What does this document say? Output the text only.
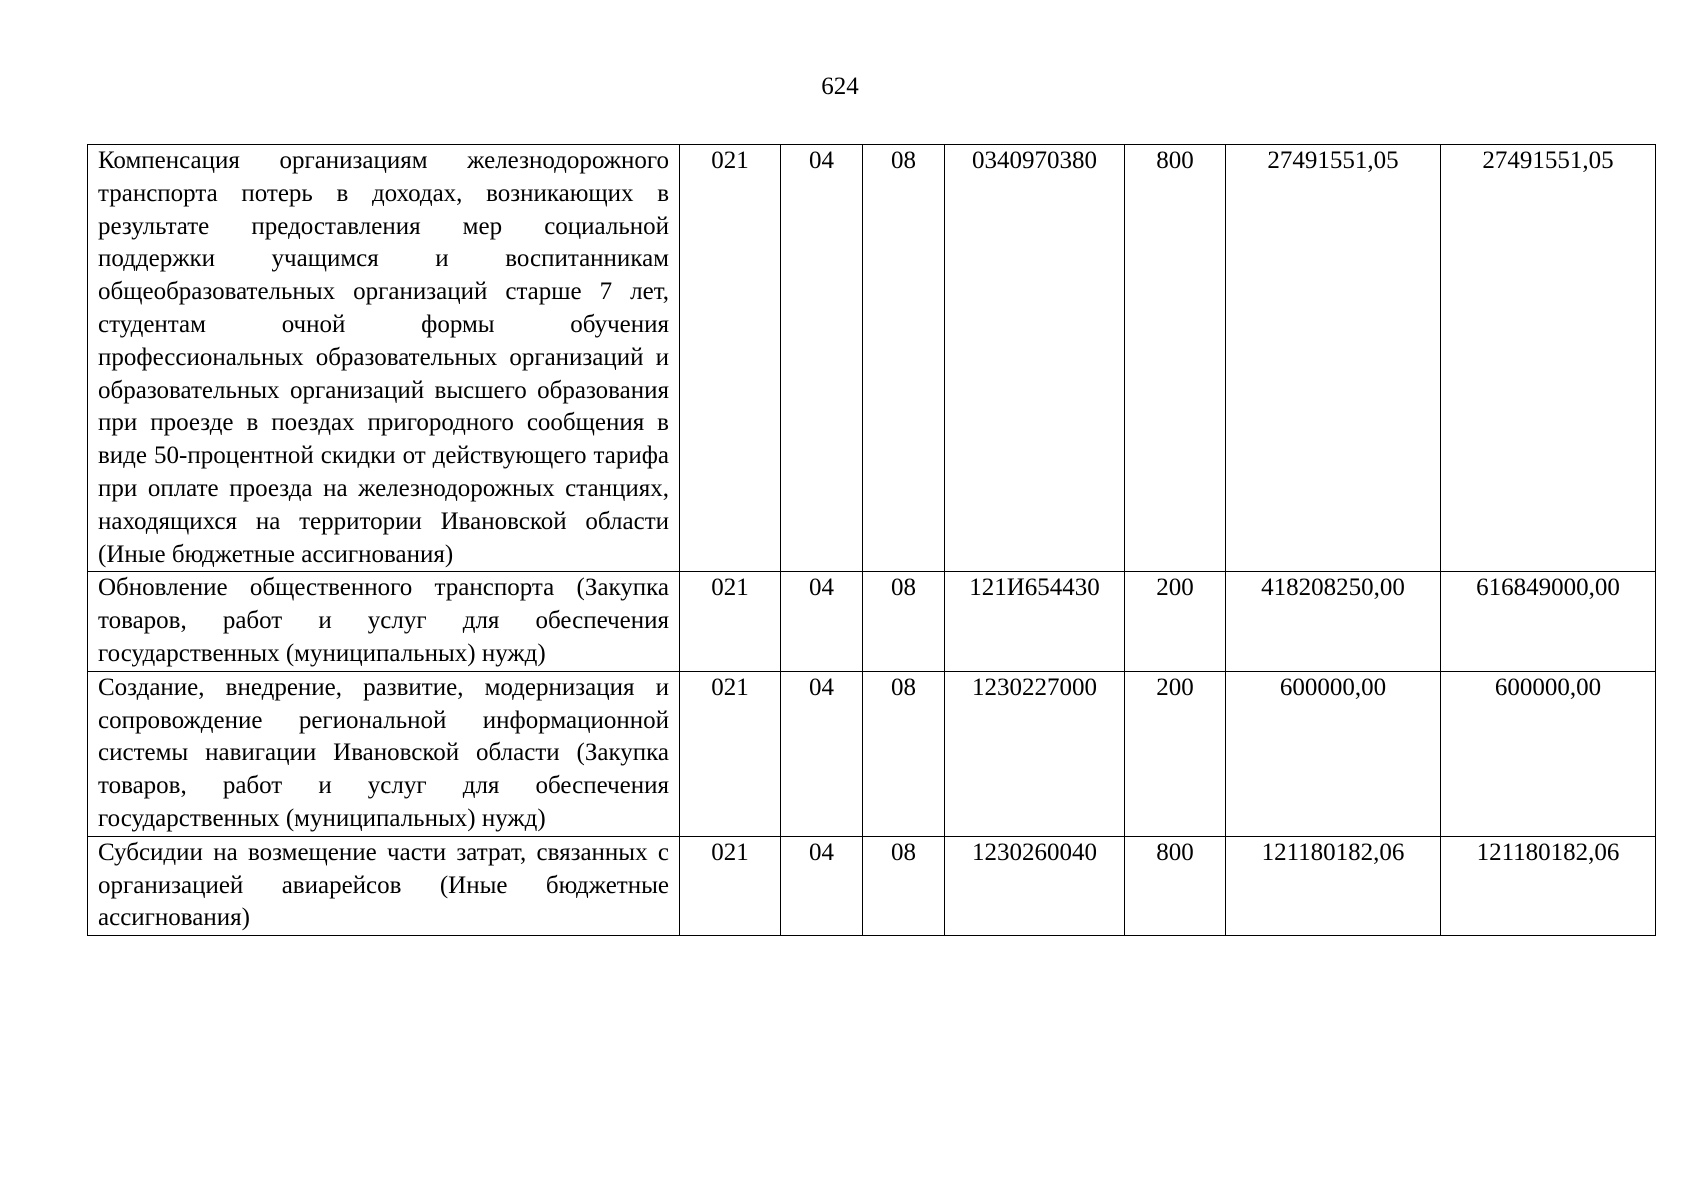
624
Компенсация организациям железнодорожного транспорта потерь в доходах, возникающих в результате предоставления мер социальной поддержки учащимся и воспитанникам общеобразовательных организаций старше 7 лет, студентам очной формы обучения профессиональных образовательных организаций и образовательных организаций высшего образования при проезде в поездах пригородного сообщения в виде 50-процентной скидки от действующего тарифа при оплате проезда на железнодорожных станциях, находящихся на территории Ивановской области (Иные бюджетные ассигнования)	021	04	08	0340970380	800	27491551,05	27491551,05
Обновление общественного транспорта (Закупка товаров, работ и услуг для обеспечения государственных (муниципальных) нужд)	021	04	08	121И654430	200	418208250,00	616849000,00
Создание, внедрение, развитие, модернизация и сопровождение региональной информационной системы навигации Ивановской области (Закупка товаров, работ и услуг для обеспечения государственных (муниципальных) нужд)	021	04	08	1230227000	200	600000,00	600000,00
Субсидии на возмещение части затрат, связанных с организацией авиарейсов (Иные бюджетные ассигнования)	021	04	08	1230260040	800	121180182,06	121180182,06
